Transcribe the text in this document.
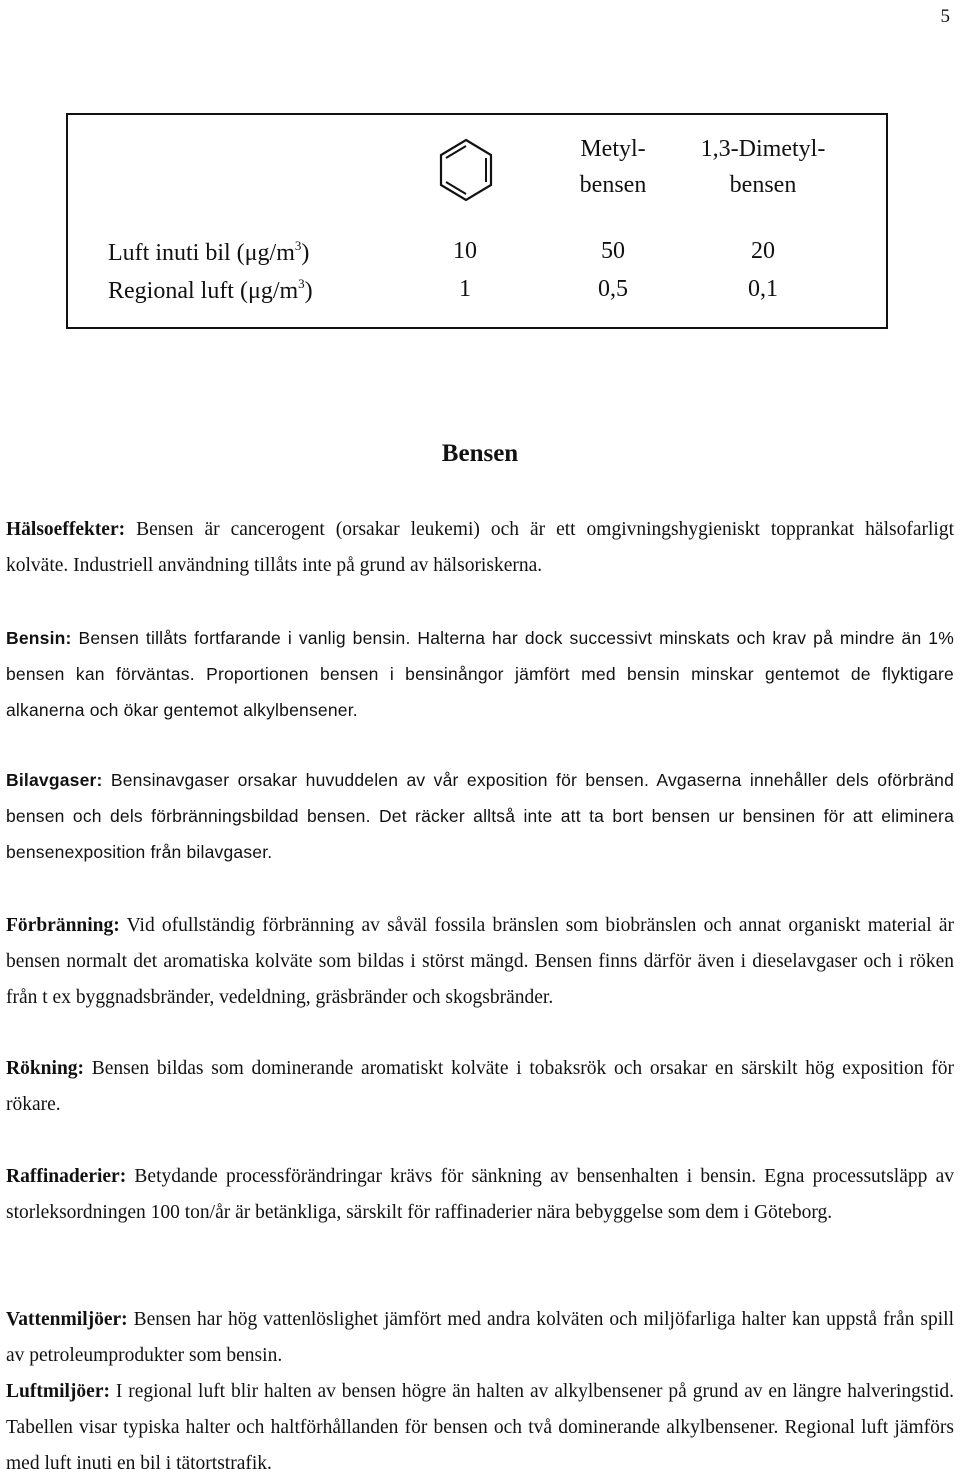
5
Metyl-
bensen
1,3-Dimetyl-
bensen
Luft inuti bil $(\mu g/m^3)$	10	50	20
Regional luft $(\mu g/m^3)$	1	0,5	0,1
Bensen
Hälsoeffekter: Bensen är cancerogent (orsakar leukemi) och är ett omgivningshygieniskt topprankat hälsofarligt kolväte. Industriell användning tillåts inte på grund av hälsoriskerna.
Bensin: Bensen tillåts fortfarande i vanlig bensin. Halterna har dock successivt minskats och krav på mindre än 1% bensen kan förväntas. Proportionen bensen i bensinångor jämfört med bensin minskar gentemot de flyktigare alkanerna och ökar gentemot alkylbensener.
Bilavgaser: Bensinavgaser orsakar huvuddelen av vår exposition för bensen. Avgaserna innehåller dels oförbränd bensen och dels förbränningsbildad bensen. Det räcker alltså inte att ta bort bensen ur bensinen för att eliminera bensenexposition från bilavgaser.
Förbränning: Vid ofullständig förbränning av såväl fossila bränslen som biobränslen och annat organiskt material är bensen normalt det aromatiska kolväte som bildas i störst mängd. Bensen finns därför även i dieselavgaser och i röken från t ex byggnadsbränder, vedeldning, gräsbränder och skogsbränder.
Rökning: Bensen bildas som dominerande aromatiskt kolväte i tobaksrök och orsakar en särskilt hög exposition för rökare.
Raffinaderier: Betydande processförändringar krävs för sänkning av bensenhalten i bensin. Egna processutsläpp av storleksordningen 100 ton/år är betänkliga, särskilt för raffinaderier nära bebyggelse som dem i Göteborg.
Vattenmiljöer: Bensen har hög vattenlöslighet jämfört med andra kolväten och miljöfarliga halter kan uppstå från spill av petroleumprodukter som bensin.
Luftmiljöer: I regional luft blir halten av bensen högre än halten av alkylbensener på grund av en längre halveringstid. Tabellen visar typiska halter och haltförhållanden för bensen och två dominerande alkylbensener. Regional luft jämförs med luft inuti en bil i tätortstrafik.
